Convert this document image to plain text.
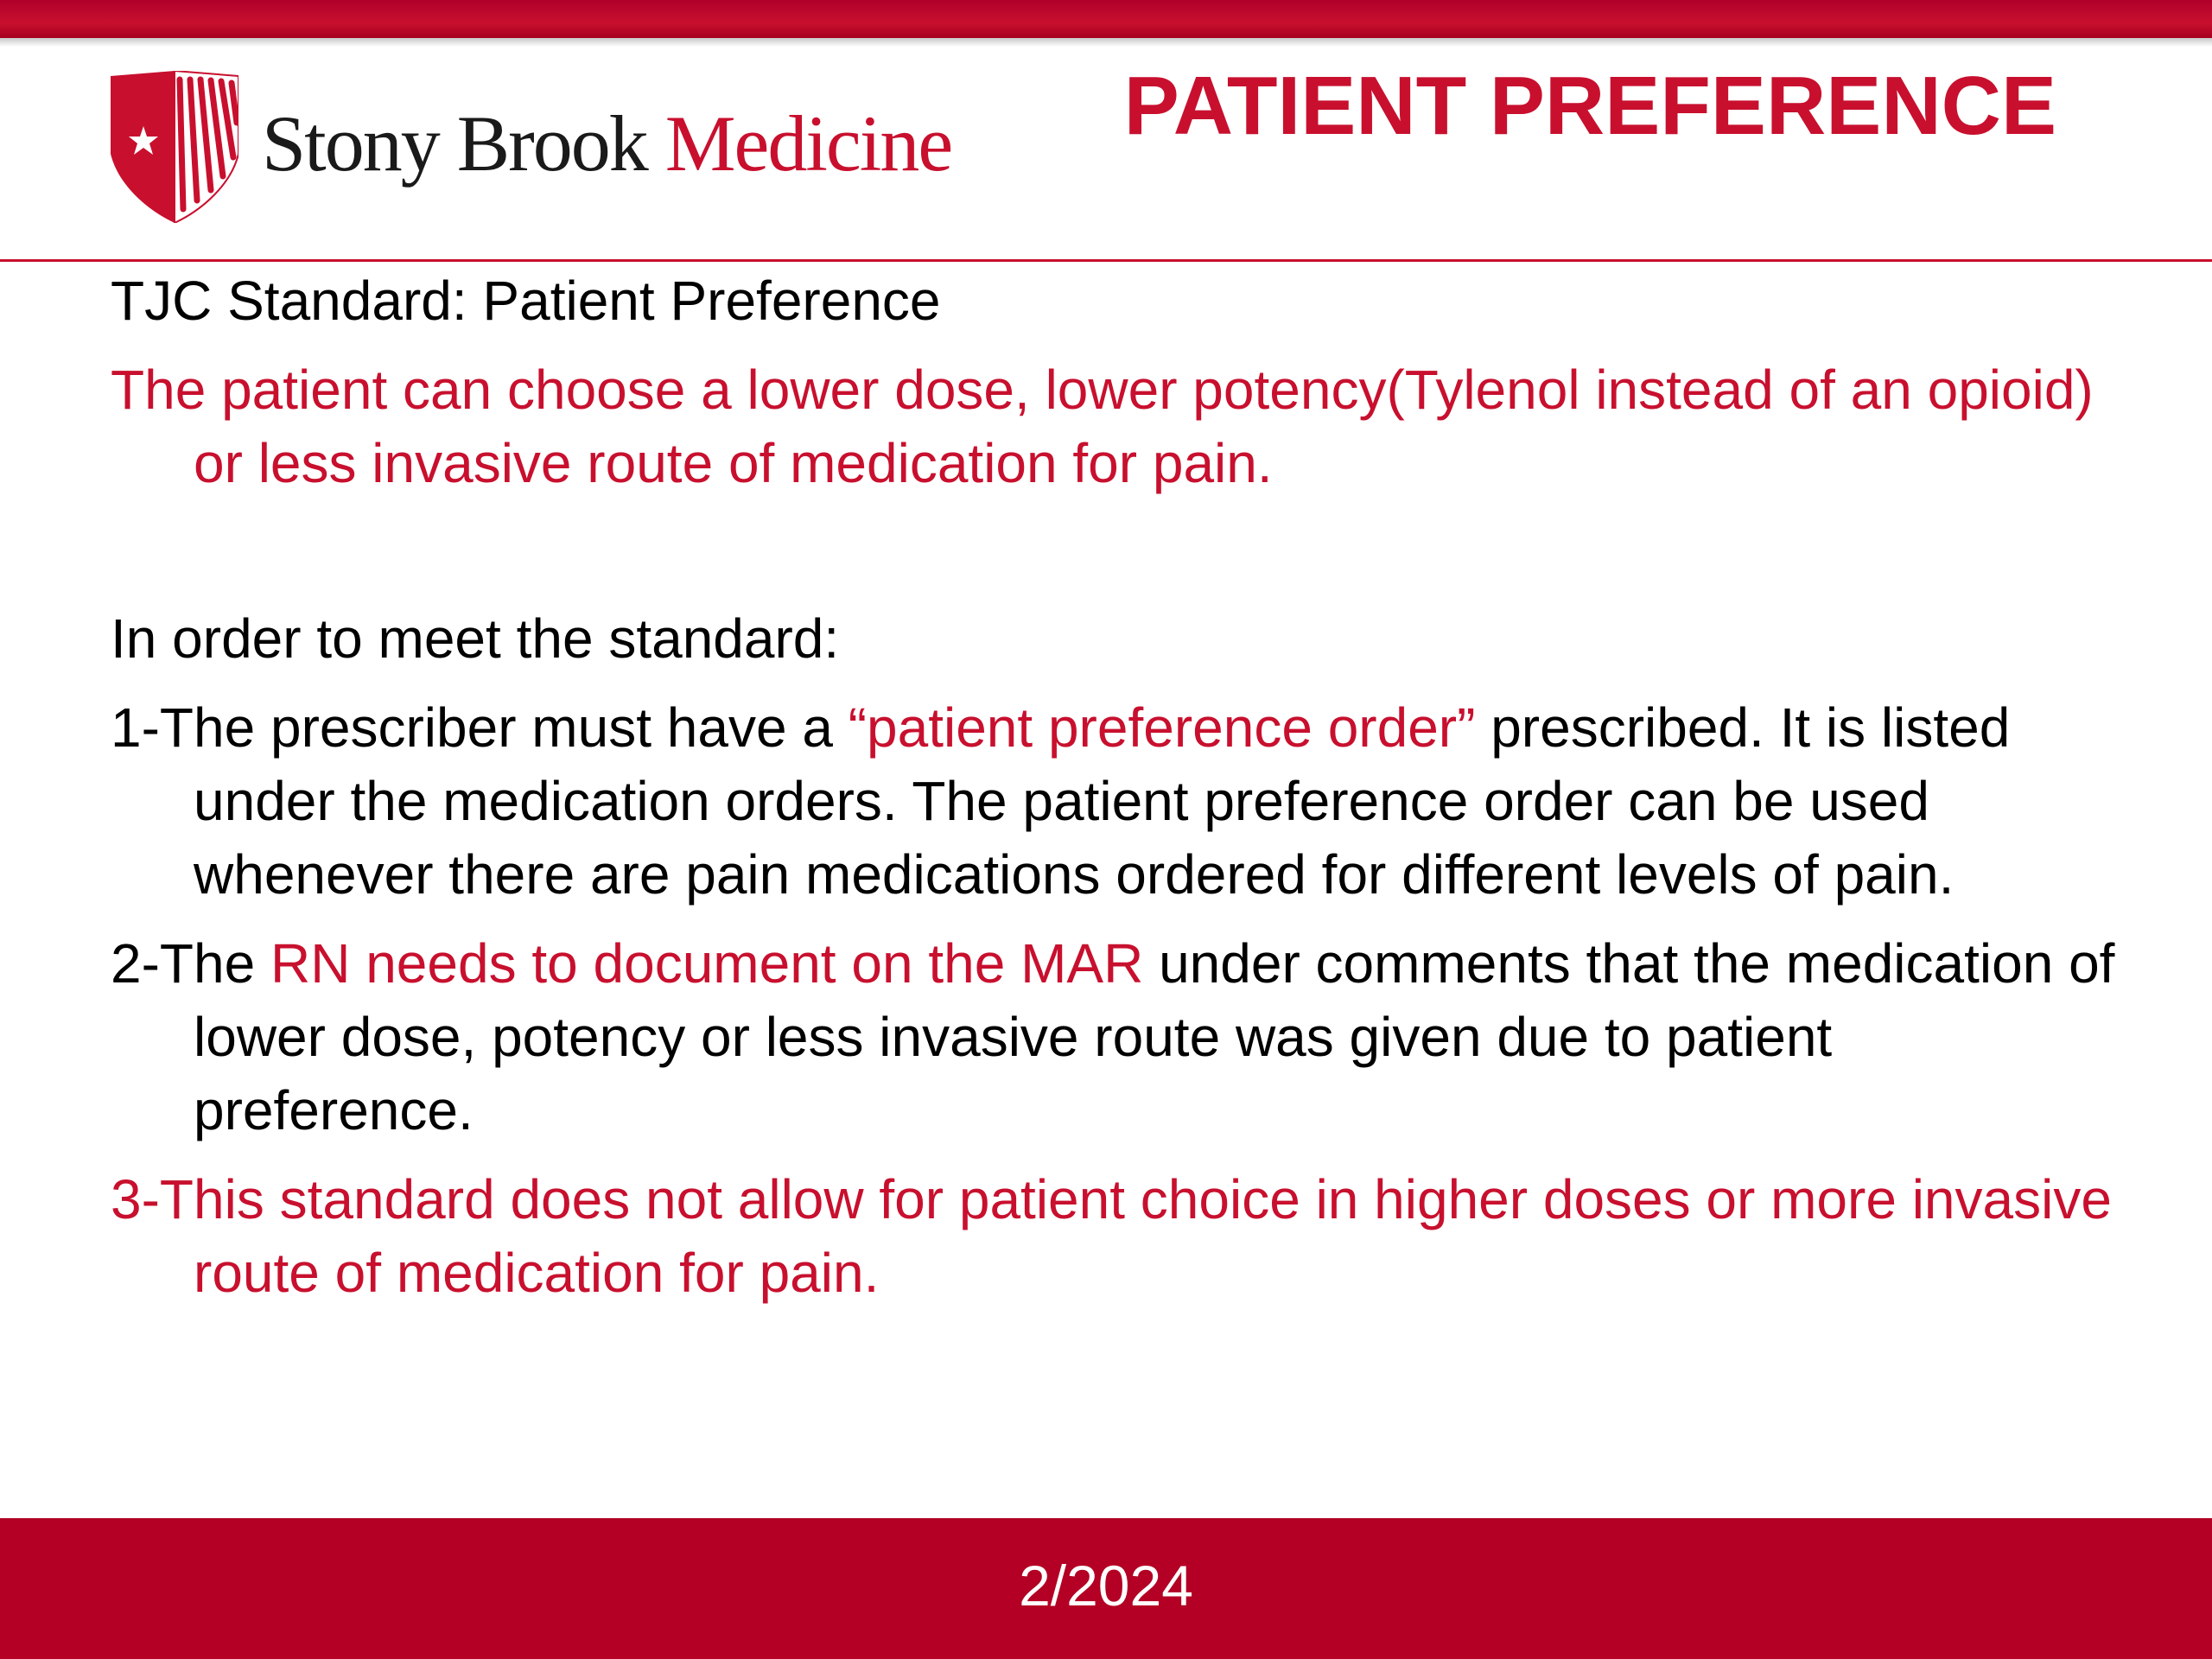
Stony Brook Medicine	PATIENT PREFERENCE

TJC Standard: Patient Preference

The patient can choose a lower dose, lower potency(Tylenol instead of an opioid) or less invasive route of medication for pain.

In order to meet the standard:

1-The prescriber must have a “patient preference order” prescribed. It is listed under the medication orders. The patient preference order can be used whenever there are pain medications ordered for different levels of pain.

2-The RN needs to document on the MAR under comments that the medication of lower dose, potency or less invasive route was given due to patient preference.

3-This standard does not allow for patient choice in higher doses or more invasive route of medication for pain.

2/2024
